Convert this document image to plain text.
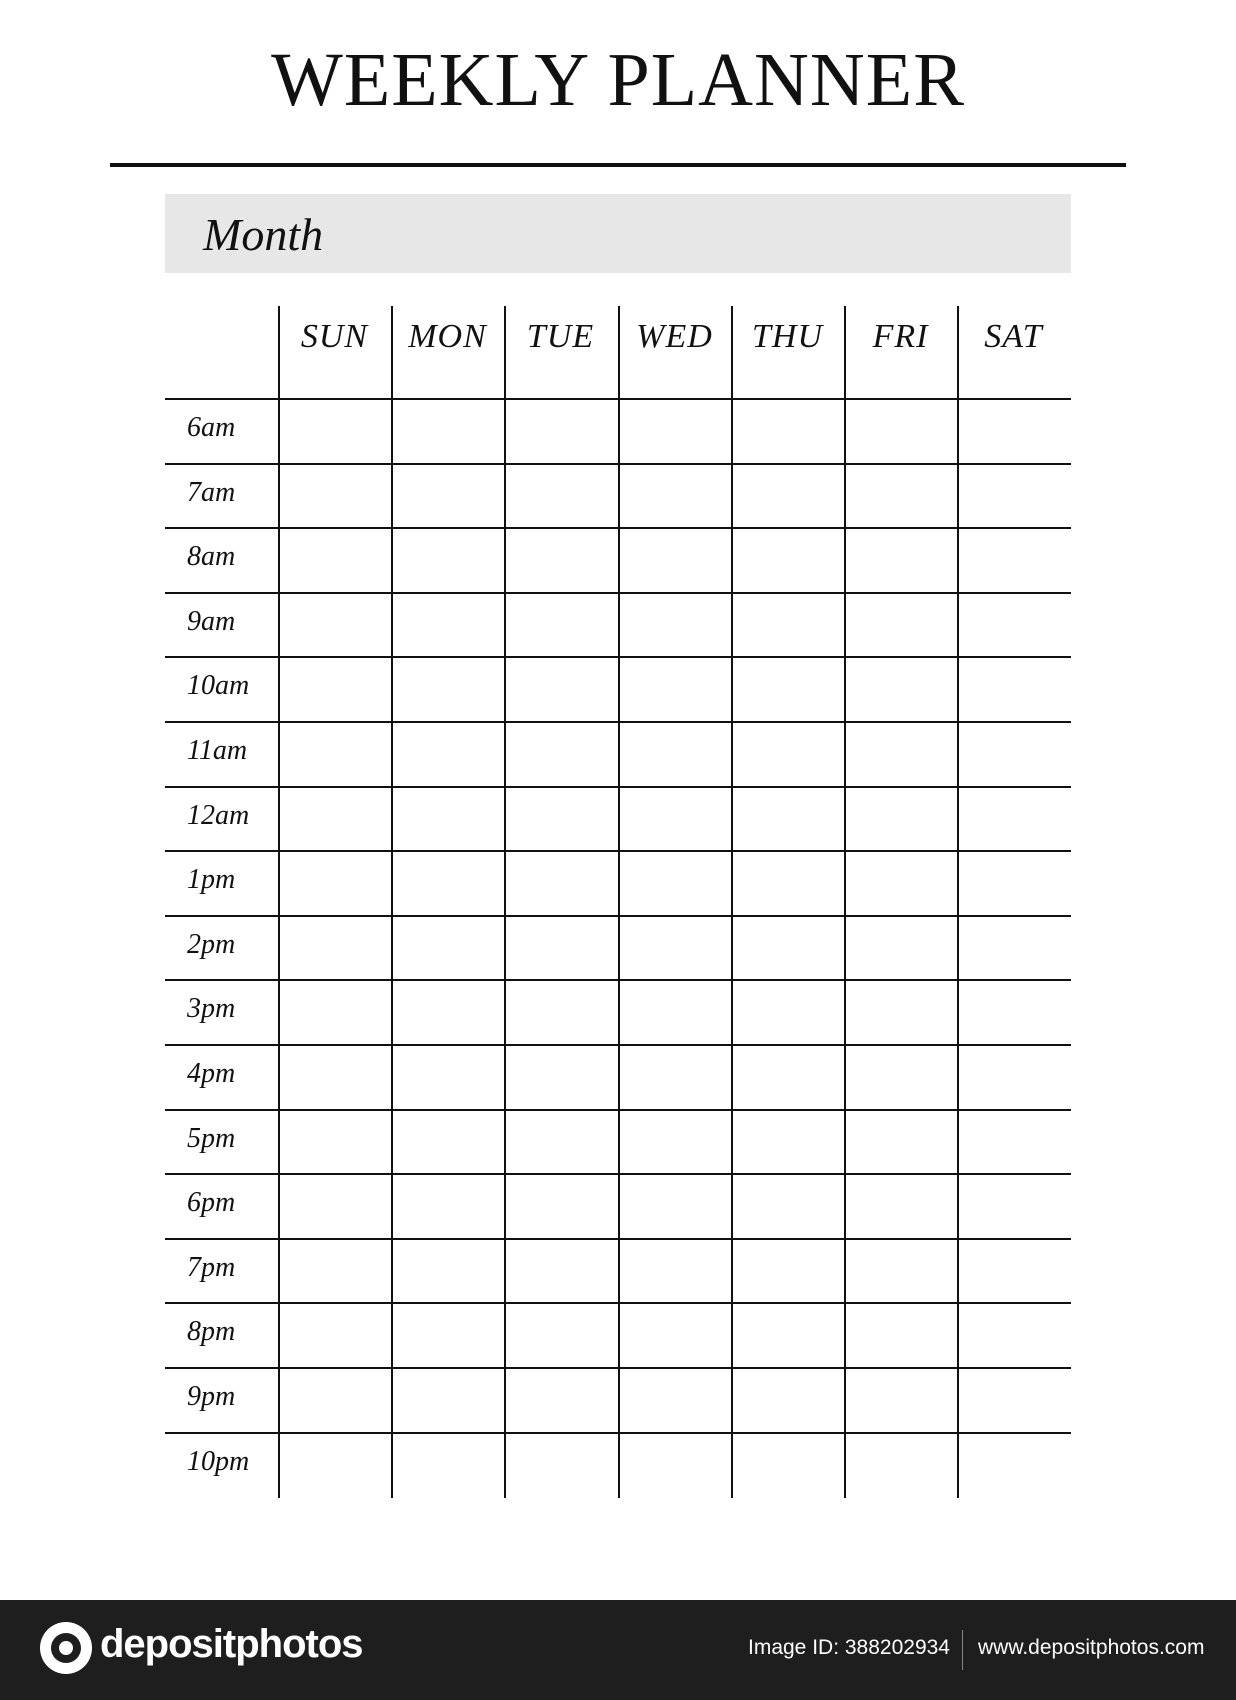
WEEKLY PLANNER
Month
SUN	MON	TUE	WED	THU	FRI	SAT
6am
7am
8am
9am
10am
11am
12am
1pm
2pm
3pm
4pm
5pm
6pm
7pm
8pm
9pm
10pm
depositphotos	Image ID: 388202934 www.depositphotos.com
